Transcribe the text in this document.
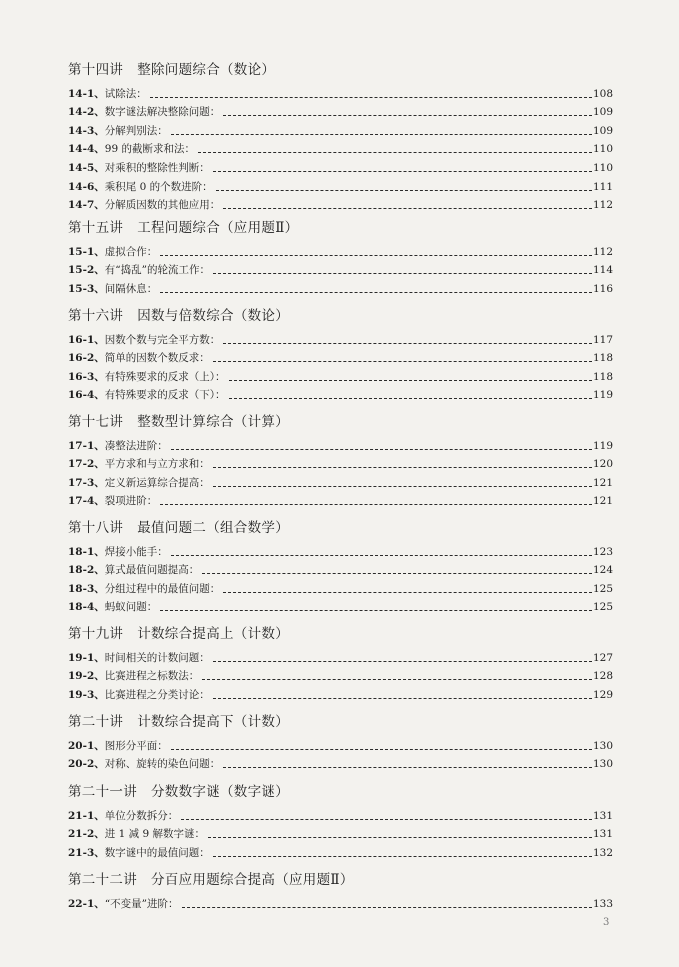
第十四讲 整除问题综合（数论）
14-1、 试除法：	108
14-2、 数字谜法解决整除问题：	109
14-3、 分解判别法：	109
14-4、 99 的截断求和法：	110
14-5、 对乘积的整除性判断：	110
14-6、 乘积尾 0 的个数进阶：	111
14-7、 分解质因数的其他应用：	112
第十五讲 工程问题综合（应用题Ⅱ）
15-1、 虚拟合作：	112
15-2、 有“捣乱”的轮流工作：	114
15-3、 间隔休息：	116
第十六讲 因数与倍数综合（数论）
16-1、 因数个数与完全平方数：	117
16-2、 简单的因数个数反求：	118
16-3、 有特殊要求的反求（上）：	118
16-4、 有特殊要求的反求（下）：	119
第十七讲 整数型计算综合（计算）
17-1、 凑整法进阶：	119
17-2、 平方求和与立方求和：	120
17-3、 定义新运算综合提高：	121
17-4、 裂项进阶：	121
第十八讲 最值问题二（组合数学）
18-1、 焊接小能手：	123
18-2、 算式最值问题提高：	124
18-3、 分组过程中的最值问题：	125
18-4、 蚂蚁问题：	125
第十九讲 计数综合提高上（计数）
19-1、 时间相关的计数问题：	127
19-2、 比赛进程之标数法：	128
19-3、 比赛进程之分类讨论：	129
第二十讲 计数综合提高下（计数）
20-1、 图形分平面：	130
20-2、 对称、旋转的染色问题：	130
第二十一讲 分数数字谜（数字谜）
21-1、 单位分数拆分：	131
21-2、 进 1 减 9 解数字谜：	131
21-3、 数字谜中的最值问题：	132
第二十二讲 分百应用题综合提高（应用题Ⅱ）
22-1、 “不变量”进阶：	133
3
